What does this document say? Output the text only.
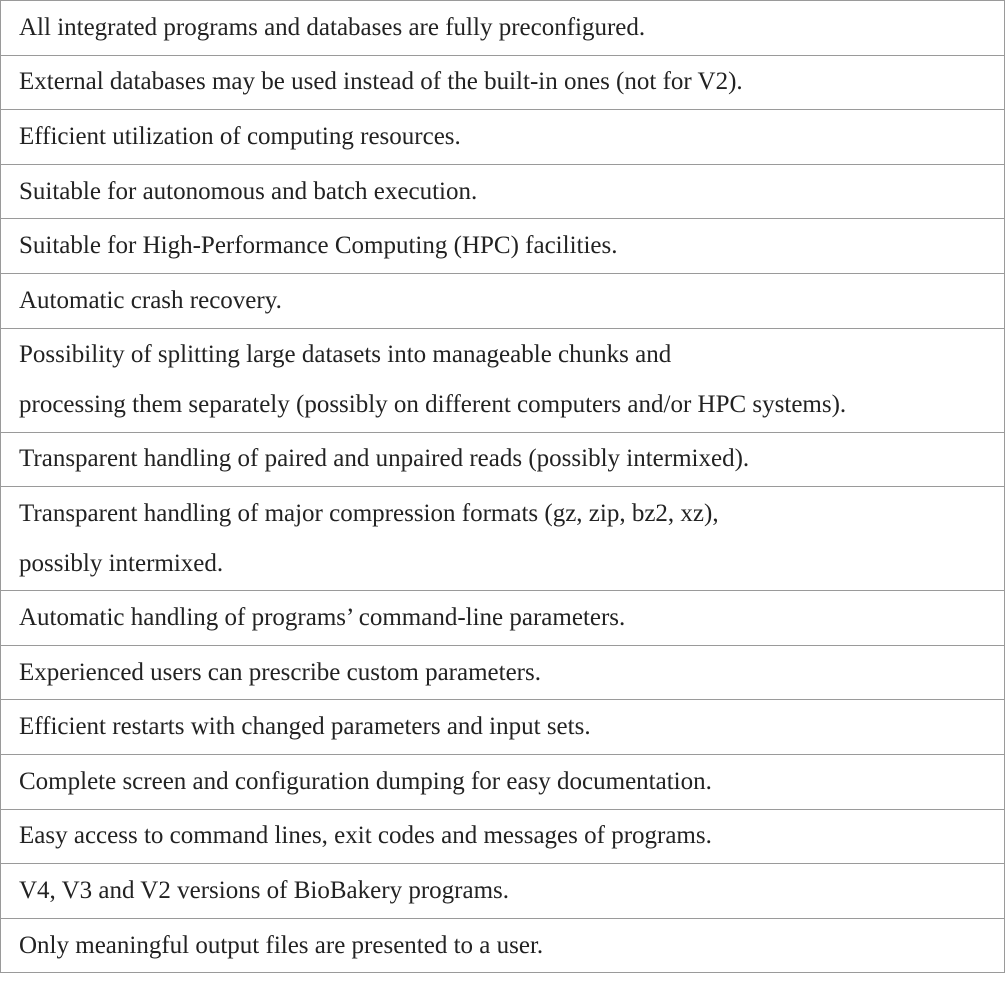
All integrated programs and databases are fully preconfigured.
External databases may be used instead of the built-in ones (not for V2).
Efficient utilization of computing resources.
Suitable for autonomous and batch execution.
Suitable for High-Performance Computing (HPC) facilities.
Automatic crash recovery.

Possibility of splitting large datasets into manageable chunks and
processing them separately (possibly on different computers and/or HPC systems).

Transparent handling of paired and unpaired reads (possibly intermixed).

Transparent handling of major compression formats (gz, zip, bz2, xz),
possibly intermixed.

Automatic handling of programs’ command-line parameters.
Experienced users can prescribe custom parameters.
Efficient restarts with changed parameters and input sets.
Complete screen and configuration dumping for easy documentation.
Easy access to command lines, exit codes and messages of programs.
V4, V3 and V2 versions of BioBakery programs.
Only meaningful output files are presented to a user.
